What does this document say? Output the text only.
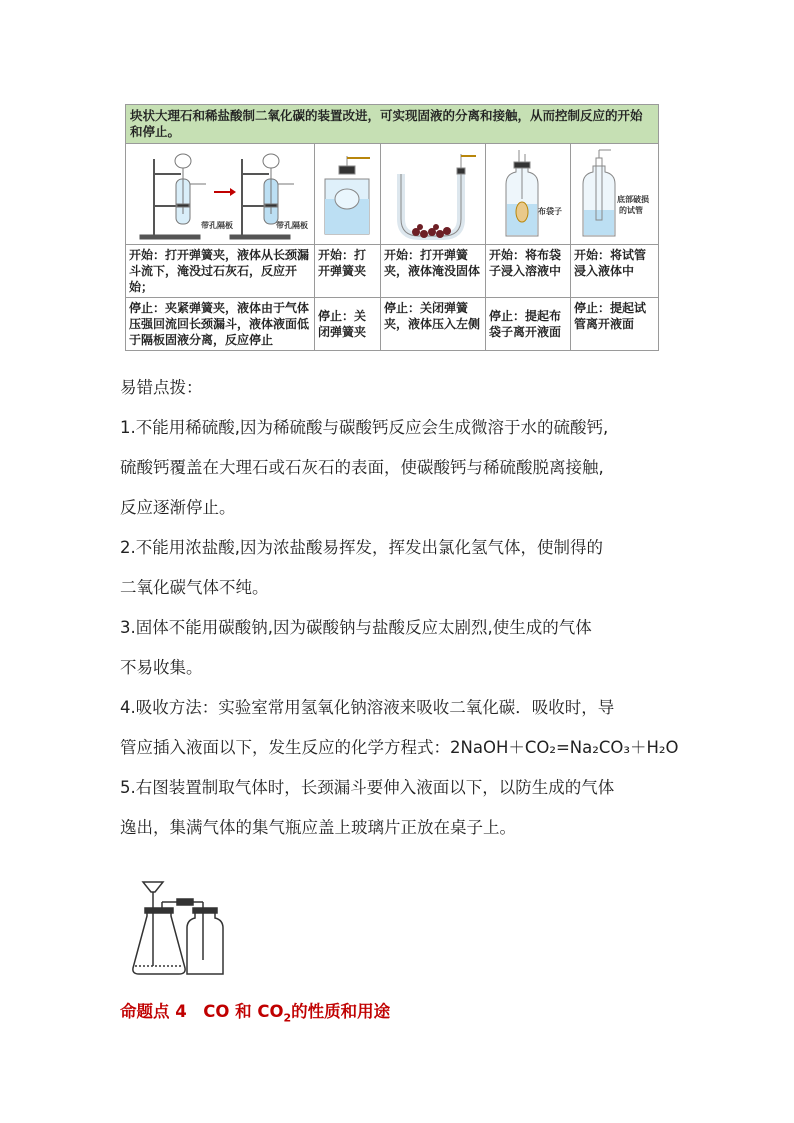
块状大理石和稀盐酸制二氧化碳的装置改进，可实现固液的分离和接触，从而控制反应的开始和停止。				

带孔隔板 带孔隔板			布袋子	底部破损
的试管

开始：打开弹簧夹，液体从长颈漏斗流下，淹没过石灰石，反应开始；	开始：打开弹簧夹	开始：打开弹簧夹，液体淹没固体	开始：将布袋子浸入溶液中	开始：将试管浸入液体中
停止：夹紧弹簧夹，液体由于气体压强回流回长颈漏斗，液体液面低于隔板固液分离，反应停止	停止：关闭弹簧夹	停止：关闭弹簧夹，液体压入左侧	停止：提起布袋子离开液面	停止：提起试管离开液面
易错点拨：
1.不能用稀硫酸,因为稀硫酸与碳酸钙反应会生成微溶于水的硫酸钙,
硫酸钙覆盖在大理石或石灰石的表面，使碳酸钙与稀硫酸脱离接触,
反应逐渐停止。
2.不能用浓盐酸,因为浓盐酸易挥发，挥发出氯化氢气体，使制得的
二氧化碳气体不纯。
3.固体不能用碳酸钠,因为碳酸钠与盐酸反应太剧烈,使生成的气体
不易收集。
4.吸收方法：实验室常用氢氧化钠溶液来吸收二氧化碳．吸收时，导
管应插入液面以下，发生反应的化学方程式：2NaOH＋CO₂=Na₂CO₃＋H₂O
5.右图装置制取气体时，长颈漏斗要伸入液面以下，以防生成的气体
逸出，集满气体的集气瓶应盖上玻璃片正放在桌子上。
命题点 4　CO 和 $CO_2$的性质和用途
